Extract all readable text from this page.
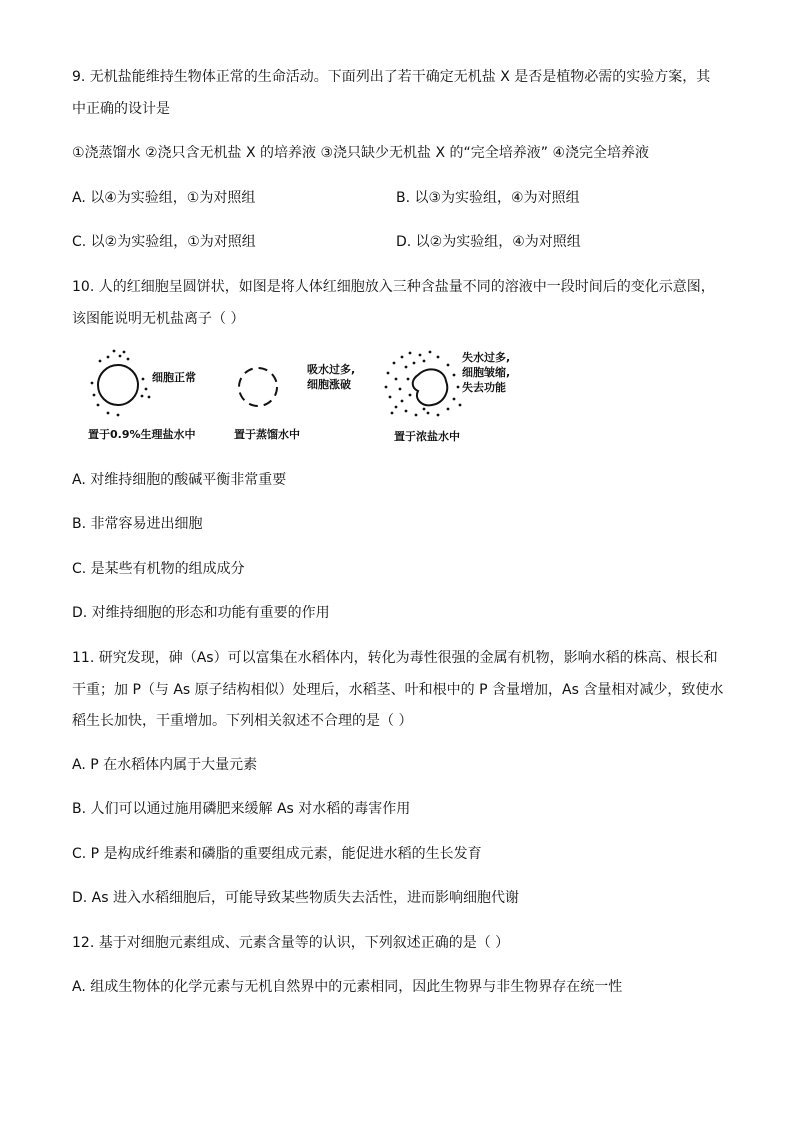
9. 无机盐能维持生物体正常的生命活动。下面列出了若干确定无机盐 X 是否是植物必需的实验方案，其
中正确的设计是
①浇蒸馏水 ②浇只含无机盐 X 的培养液 ③浇只缺少无机盐 X 的“完全培养液” ④浇完全培养液
A. 以④为实验组，①为对照组	B. 以③为实验组，④为对照组
C. 以②为实验组，①为对照组	D. 以②为实验组，④为对照组
10. 人的红细胞呈圆饼状，如图是将人体红细胞放入三种含盐量不同的溶液中一段时间后的变化示意图，
该图能说明无机盐离子（ ）
细胞正常
置于0.9%生理盐水中
吸水过多,
细胞涨破
置于蒸馏水中
失水过多,
细胞皱缩,
失去功能
置于浓盐水中
A. 对维持细胞的酸碱平衡非常重要
B. 非常容易进出细胞
C. 是某些有机物的组成成分
D. 对维持细胞的形态和功能有重要的作用
11. 研究发现，砷（As）可以富集在水稻体内，转化为毒性很强的金属有机物，影响水稻的株高、根长和
干重；加 P（与 As 原子结构相似）处理后，水稻茎、叶和根中的 P 含量增加，As 含量相对减少，致使水
稻生长加快，干重增加。下列相关叙述不合理的是（ ）
A. P 在水稻体内属于大量元素
B. 人们可以通过施用磷肥来缓解 As 对水稻的毒害作用
C. P 是构成纤维素和磷脂的重要组成元素，能促进水稻的生长发育
D. As 进入水稻细胞后，可能导致某些物质失去活性，进而影响细胞代谢
12. 基于对细胞元素组成、元素含量等的认识，下列叙述正确的是（ ）
A. 组成生物体的化学元素与无机自然界中的元素相同，因此生物界与非生物界存在统一性
